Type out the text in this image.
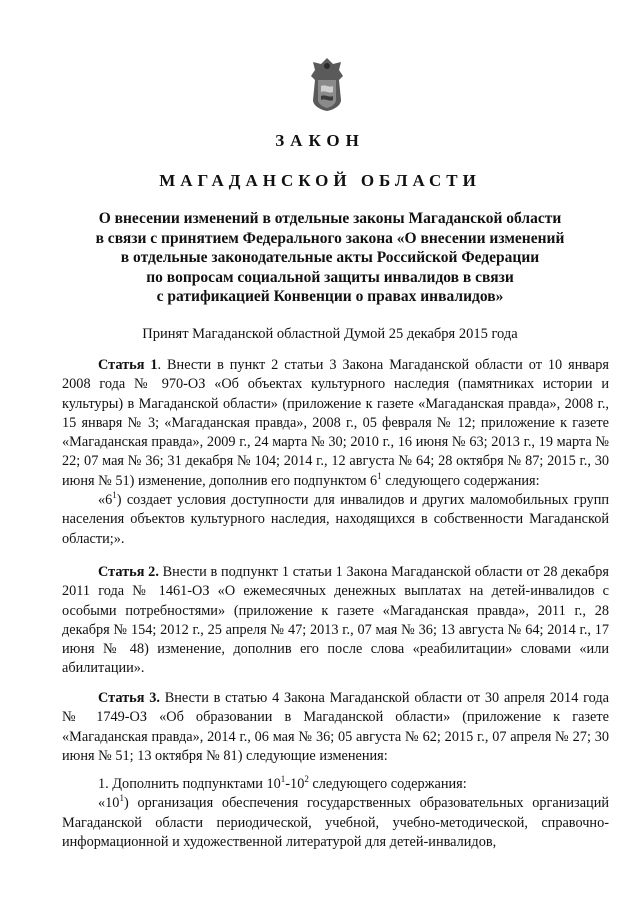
ЗАКОН
МАГАДАНСКОЙ ОБЛАСТИ
О внесении изменений в отдельные законы Магаданской области
в связи с принятием Федерального закона «О внесении изменений
в отдельные законодательные акты Российской Федерации
по вопросам социальной защиты инвалидов в связи
с ратификацией Конвенции о правах инвалидов»
Принят Магаданской областной Думой 25 декабря 2015 года

Статья 1. Внести в пункт 2 статьи 3 Закона Магаданской области от 10 января 2008 года № 970-ОЗ «Об объектах культурного наследия (памятниках истории и культуры) в Магаданской области» (приложение к газете «Магаданская правда», 2008 г., 15 января № 3; «Магаданская правда», 2008 г., 05 февраля № 12; приложение к газете «Магаданская правда», 2009 г., 24 марта № 30; 2010 г., 16 июня № 63; 2013 г., 19 марта № 22; 07 мая № 36; 31 декабря № 104; 2014 г., 12 августа № 64; 28 октября № 87; 2015 г., 30 июня № 51) изменение, дополнив его подпунктом $6^1$ следующего содержания:

«$6^1$) создает условия доступности для инвалидов и других маломобильных групп населения объектов культурного наследия, находящихся в собственности Магаданской области;».

Статья 2. Внести в подпункт 1 статьи 1 Закона Магаданской области от 28 декабря 2011 года № 1461-ОЗ «О ежемесячных денежных выплатах на детей-инвалидов с особыми потребностями» (приложение к газете «Магаданская правда», 2011 г., 28 декабря № 154; 2012 г., 25 апреля № 47; 2013 г., 07 мая № 36; 13 августа № 64; 2014 г., 17 июня № 48) изменение, дополнив его после слова «реабилитации» словами «или абилитации».

Статья 3. Внести в статью 4 Закона Магаданской области от 30 апреля 2014 года № 1749-ОЗ «Об образовании в Магаданской области» (приложение к газете «Магаданская правда», 2014 г., 06 мая № 36; 05 августа № 62; 2015 г., 07 апреля № 27; 30 июня № 51; 13 октября № 81) следующие изменения:

1. Дополнить подпунктами $10^1-10^2$ следующего содержания:

«$10^1$) организация обеспечения государственных образовательных организаций Магаданской области периодической, учебной, учебно-методической, справочно-информационной и художественной литературой для детей-инвалидов,
